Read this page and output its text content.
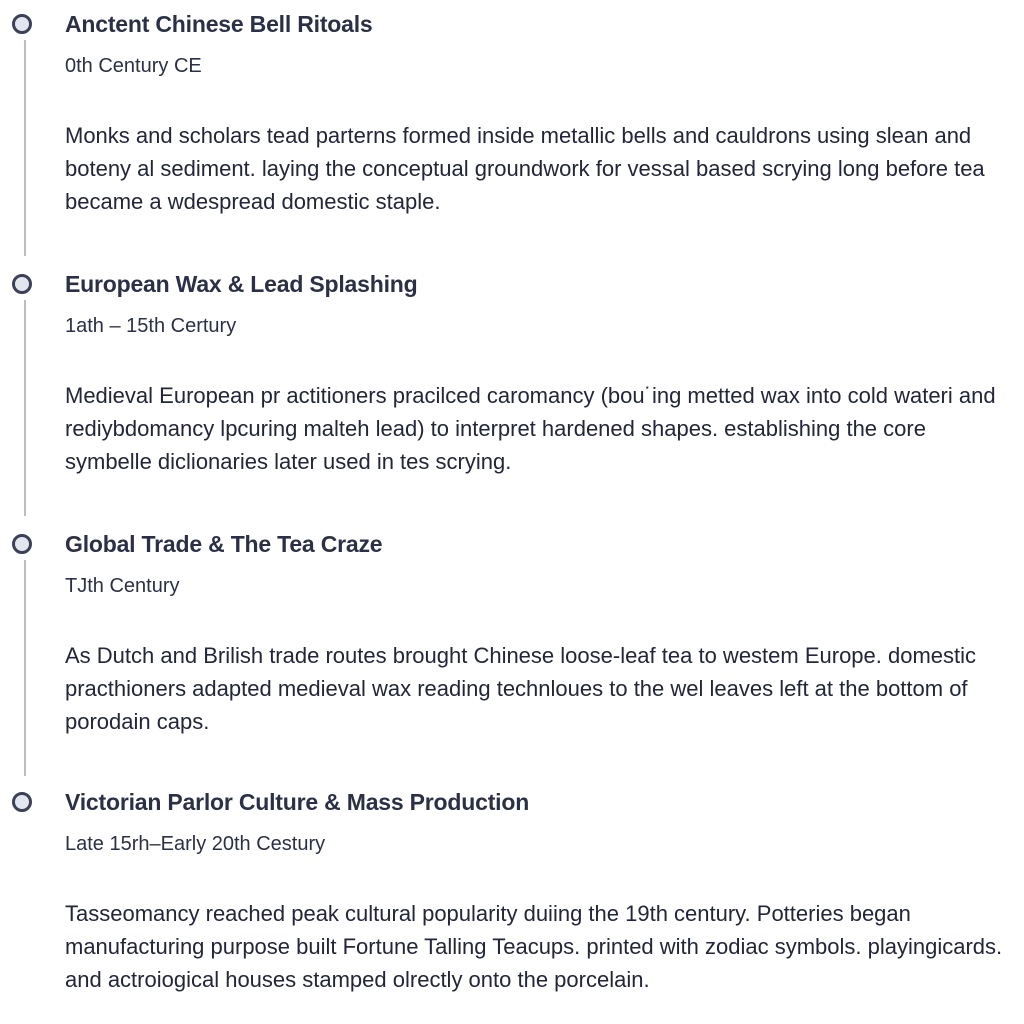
Anctent Chinese Bell Ritoals

0th Century CE

Monks and scholars tead parterns formed inside metallic bells and cauldrons using slean and boteny al sediment. laying the conceptual groundwork for vessal based scrying long before tea became a wdespread domestic staple.

European Wax & Lead Splashing

1ath – 15th Certury

Medieval European pr actitioners pracilced caromancy (bou˙ing metted wax into cold wateri and rediybdomancy lpcuring malteh lead) to interpret hardened shapes. establishing the core symbelle diclionaries later used in tes scrying.

Global Trade & The Tea Craze

TJth Century

As Dutch and Brilish trade routes brought Chinese loose-leaf tea to westem Europe. domestic practhioners adapted medieval wax reading technloues to the wel leaves left at the bottom of porodain caps.

Victorian Parlor Culture & Mass Production

Late 15rh–Early 20th Cestury

Tasseomancy reached peak cultural popularity duiing the 19th century. Potteries began manufacturing purpose built Fortune Talling Teacups. printed with zodiac symbols. playingicards. and actroiogical houses stamped olrectly onto the porcelain.
